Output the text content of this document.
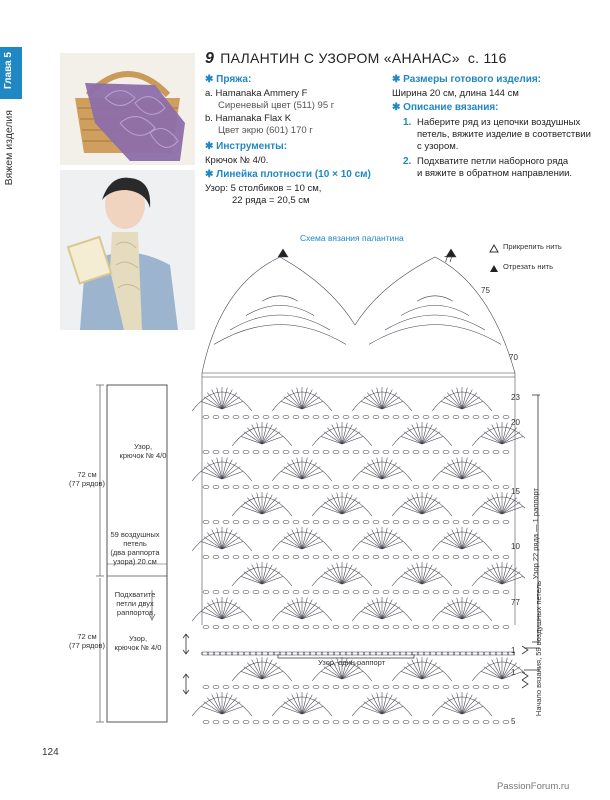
Глава 5
Вяжем изделия
9 ПАЛАНТИН С УЗОРОМ «АНАНАС» с. 116
✱ Пряжа:
a. Hamanaka Ammery F
Сиреневый цвет (511) 95 г
b. Hamanaka Flax K
Цвет экрю (601) 170 г
✱ Инструменты:
Крючок № 4/0.
✱ Линейка плотности (10 × 10 см)
Узор: 5 столбиков = 10 см,
22 ряда = 20,5 см
✱ Размеры готового изделия:
Ширина 20 см, длина 144 см
✱ Описание вязания:
1. Наберите ряд из цепочки воздушных
петель, вяжите изделие в соответствии
с узором.
2. Подхватите петли наборного ряда
и вяжите в обратном направлении.
Схема вязания палантина
Прикрепить нить
Отрезать нить
77
75
70
23
20
15
10
77
1
1
5
Узор 22 ряда — 1 раппорт
Начало вязания, 59 воздушных петель
Узор, один раппорт
Узор,
крючок № 4/0
72 см
(77 рядов)
59 воздушных
петель
(два раппорта
узора) 20 см
Подхватите
петли двух
раппортов
72 см
(77 рядов)
Узор,
крючок № 4/0
124
PassionForum.ru
